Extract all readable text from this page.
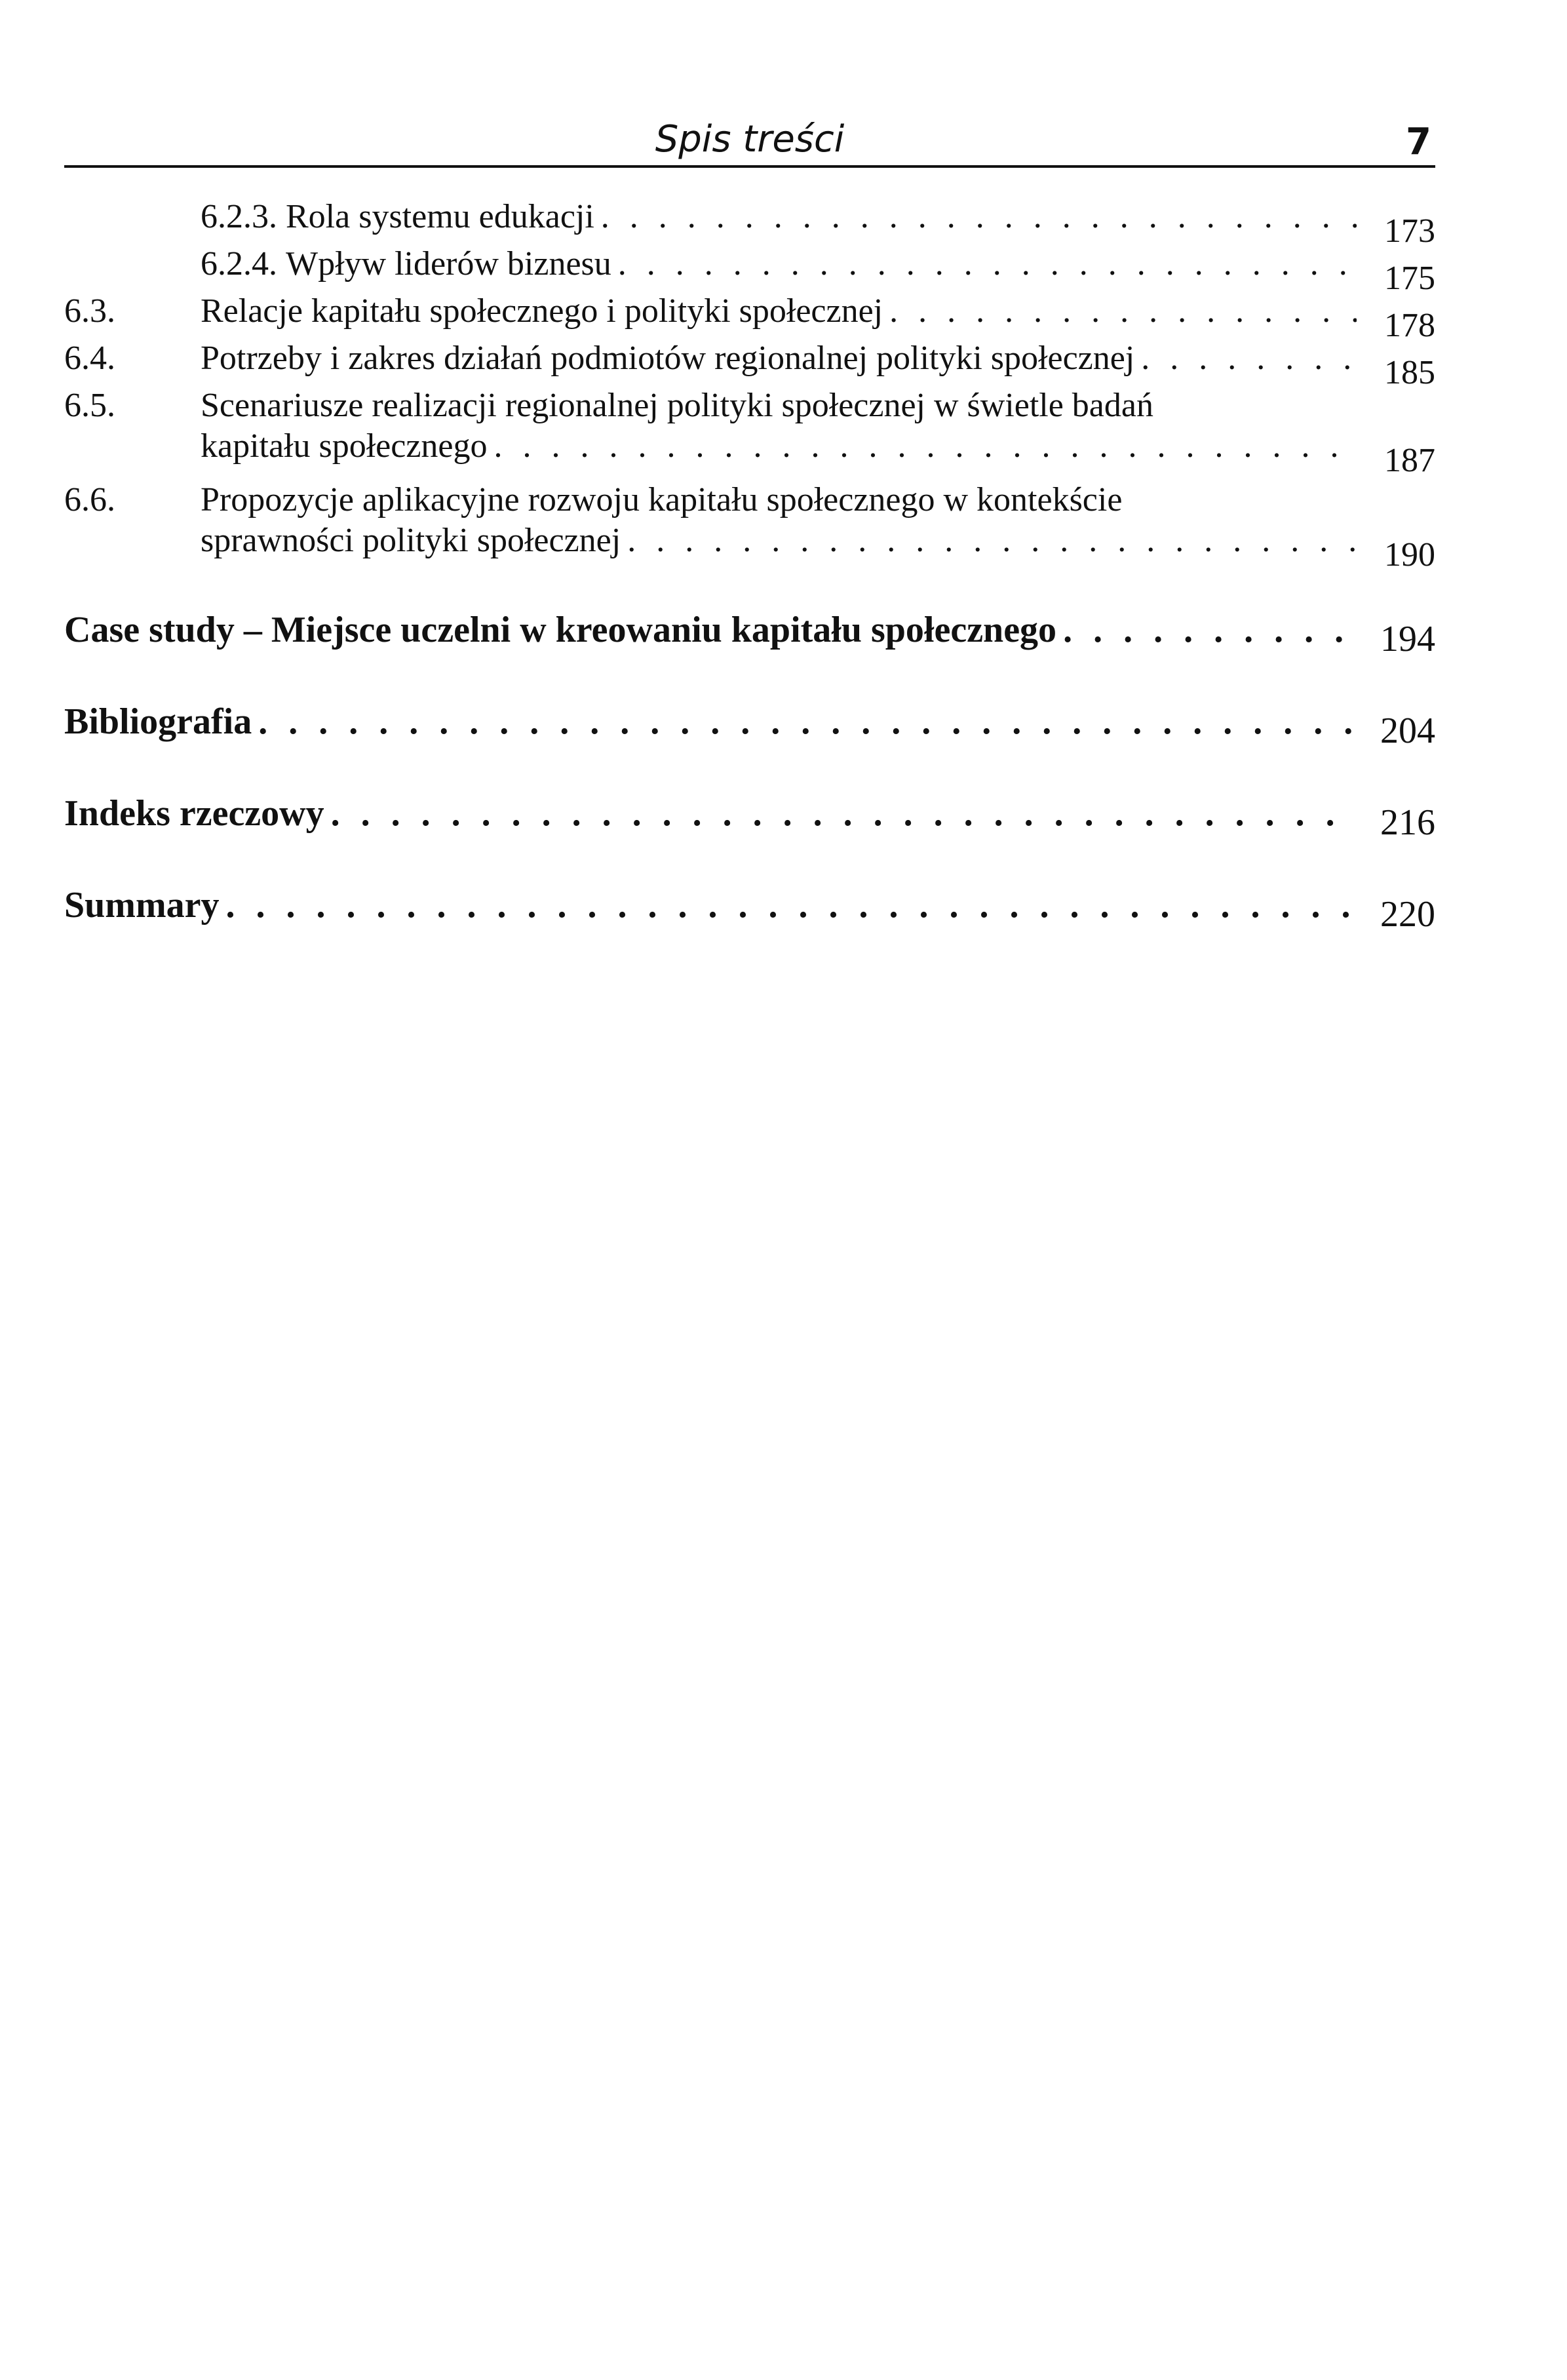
Spis treści	7
6.2.3. Rola systemu edukacji . . .	173
6.2.4. Wpływ liderów biznesu . . .	175
6.3.	Relacje kapitału społecznego i polityki społecznej . . .	178
6.4.	Potrzeby i zakres działań podmiotów regionalnej polityki społecznej . . .	185
6.5.	Scenariusze realizacji regionalnej polityki społecznej w świetle badań
kapitału społecznego . . .	187
6.6.	Propozycje aplikacyjne rozwoju kapitału społecznego w kontekście
sprawności polityki społecznej . . .	190
Case study – Miejsce uczelni w kreowaniu kapitału społecznego . . .	194
Bibliografia . . .	204
Indeks rzeczowy . . .	216
Summary . . .	220
